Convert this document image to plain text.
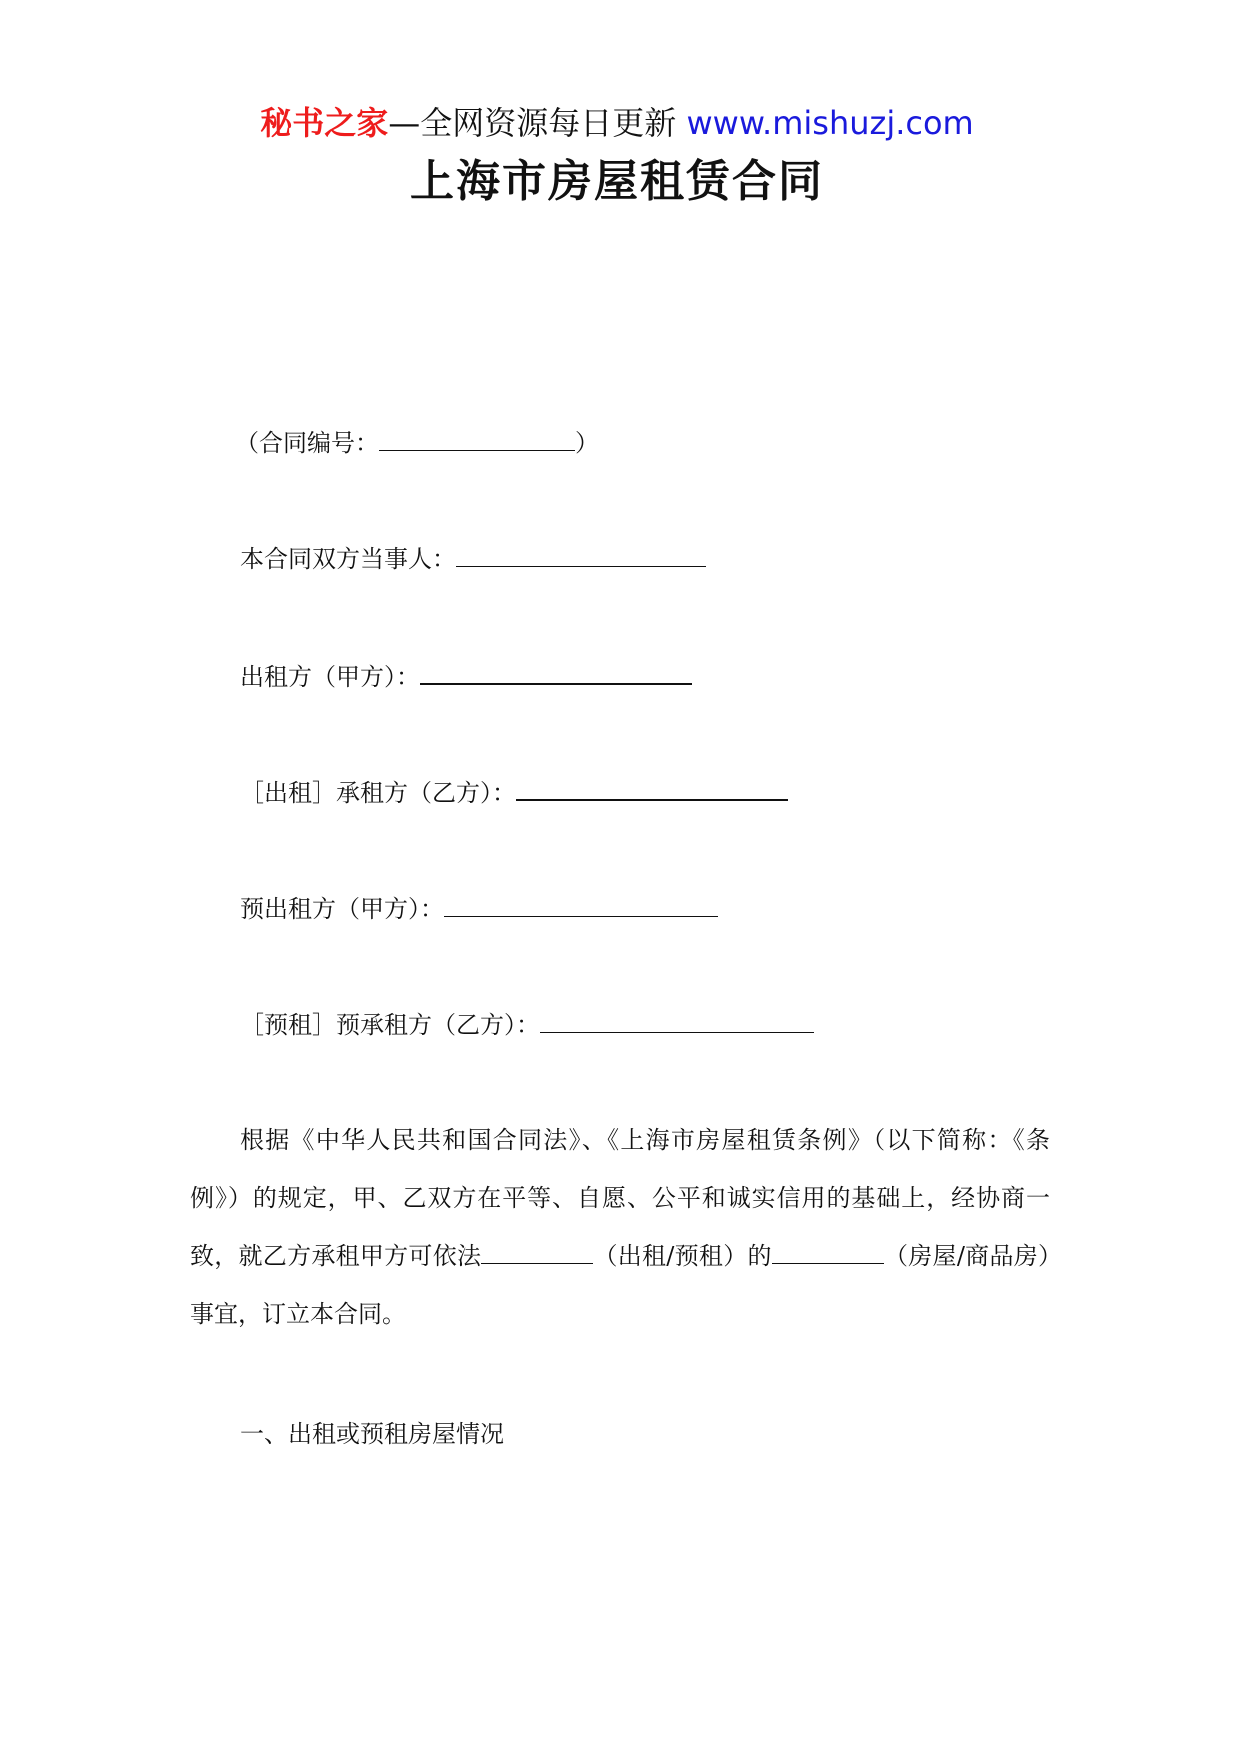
秘书之家—全网资源每日更新 www.mishuzj.com
上海市房屋租赁合同
（合同编号：	）
本合同双方当事人：
出租方（甲方）：
［出租］承租方（乙方）：
预出租方（甲方）：
［预租］预承租方（乙方）：
根据《中华人民共和国合同法》、《上海市房屋租赁条例》（以下简称：《条例》）的规定，甲、乙双方在平等、自愿、公平和诚实信用的基础上，经协商一致，就乙方承租甲方可依法	（出租/预租）的	（房屋/商品房）事宜，订立本合同。
一、出租或预租房屋情况
